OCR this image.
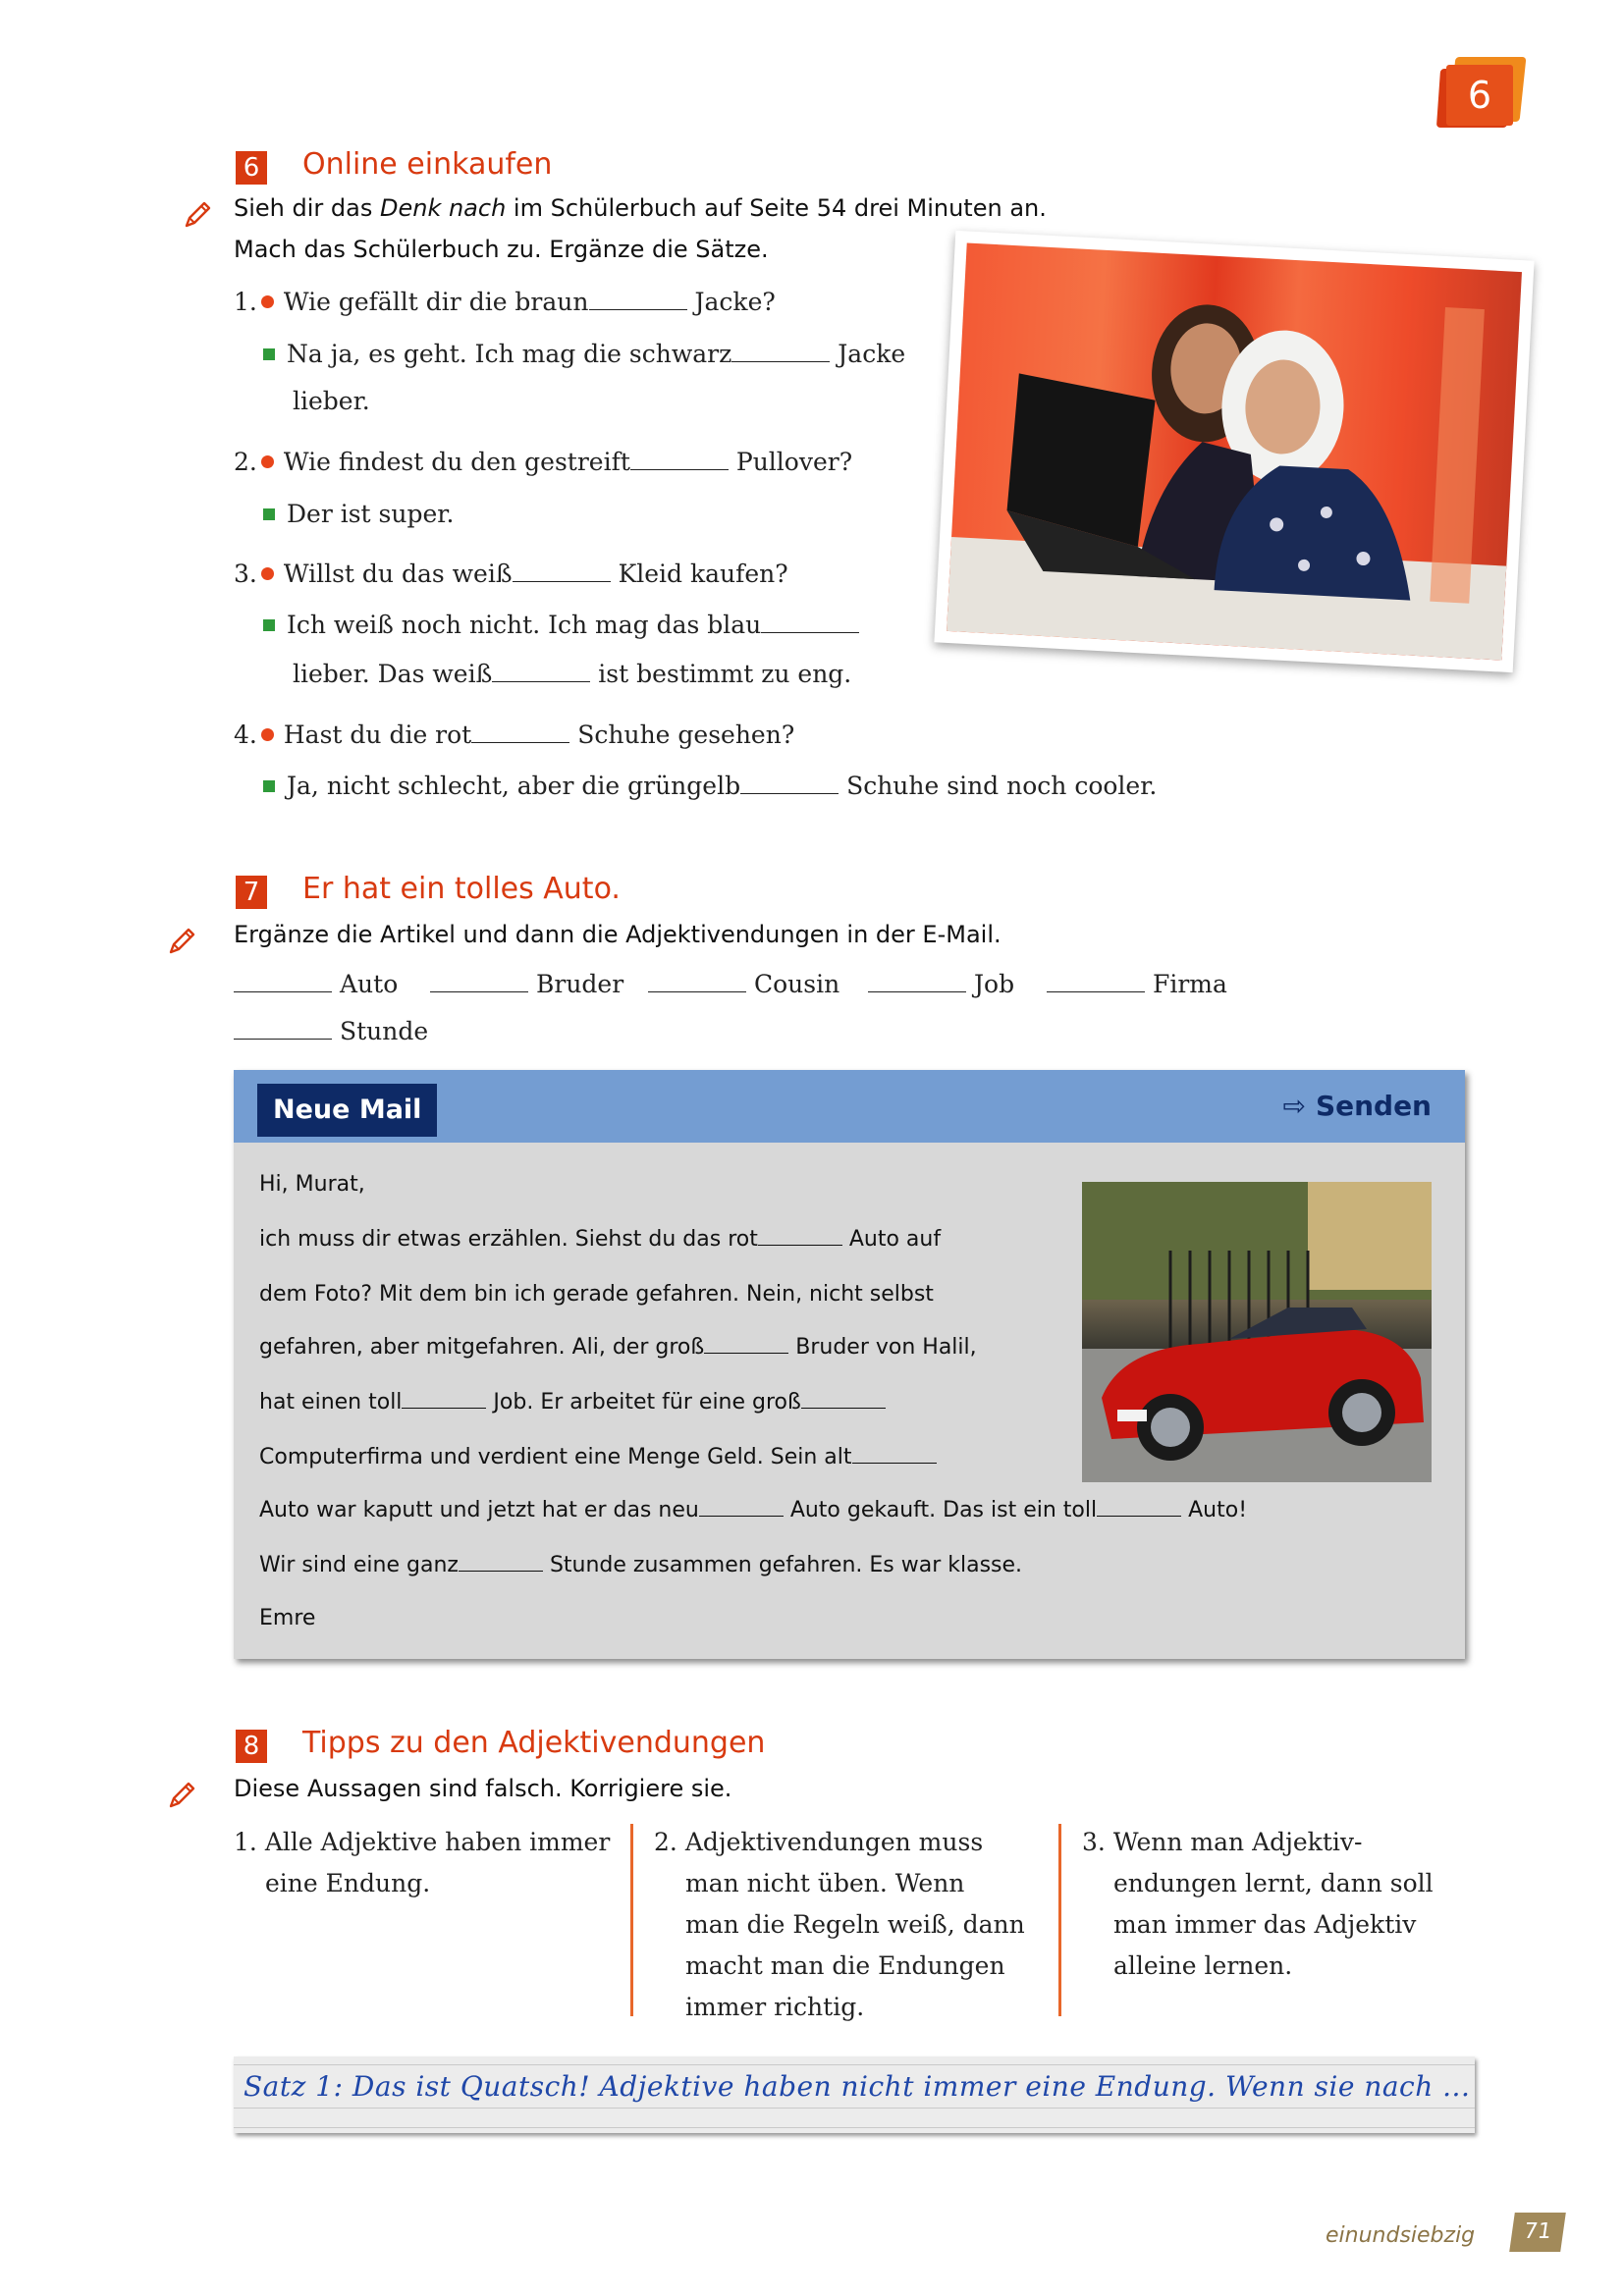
6
6 Online einkaufen
Sieh dir das Denk nach im Schülerbuch auf Seite 54 drei Minuten an.
Mach das Schülerbuch zu. Ergänze die Sätze.
1. Wie gefällt dir die braun	Jacke?
Na ja, es geht. Ich mag die schwarz	Jacke
lieber.
2. Wie findest du den gestreift	Pullover?
Der ist super.
3. Willst du das weiß	Kleid kaufen?
Ich weiß noch nicht. Ich mag das blau
lieber. Das weiß	ist bestimmt zu eng.
4. Hast du die rot	Schuhe gesehen?
Ja, nicht schlecht, aber die grüngelb	Schuhe sind noch cooler.
7 Er hat ein tolles Auto.
Ergänze die Artikel und dann die Adjektivendungen in der E-Mail.
Auto	Bruder	Cousin	Job	Firma
Stunde
Neue Mail	⇨ Senden
Hi, Murat,
ich muss dir etwas erzählen. Siehst du das rot	Auto auf
dem Foto? Mit dem bin ich gerade gefahren. Nein, nicht selbst
gefahren, aber mitgefahren. Ali, der groß	Bruder von Halil,
hat einen toll	Job. Er arbeitet für eine groß
Computerfirma und verdient eine Menge Geld. Sein alt
Auto war kaputt und jetzt hat er das neu	Auto gekauft. Das ist ein toll	Auto!
Wir sind eine ganz	Stunde zusammen gefahren. Es war klasse.
Emre
8 Tipps zu den Adjektivendungen
Diese Aussagen sind falsch. Korrigiere sie.
1. Alle Adjektive haben immer
eine Endung.
2. Adjektivendungen muss
man nicht üben. Wenn
man die Regeln weiß, dann
macht man die Endungen
immer richtig.
3. Wenn man Adjektiv-
endungen lernt, dann soll
man immer das Adjektiv
alleine lernen.
Satz 1: Das ist Quatsch! Adjektive haben nicht immer eine Endung. Wenn sie nach ...
einundsiebzig	71
